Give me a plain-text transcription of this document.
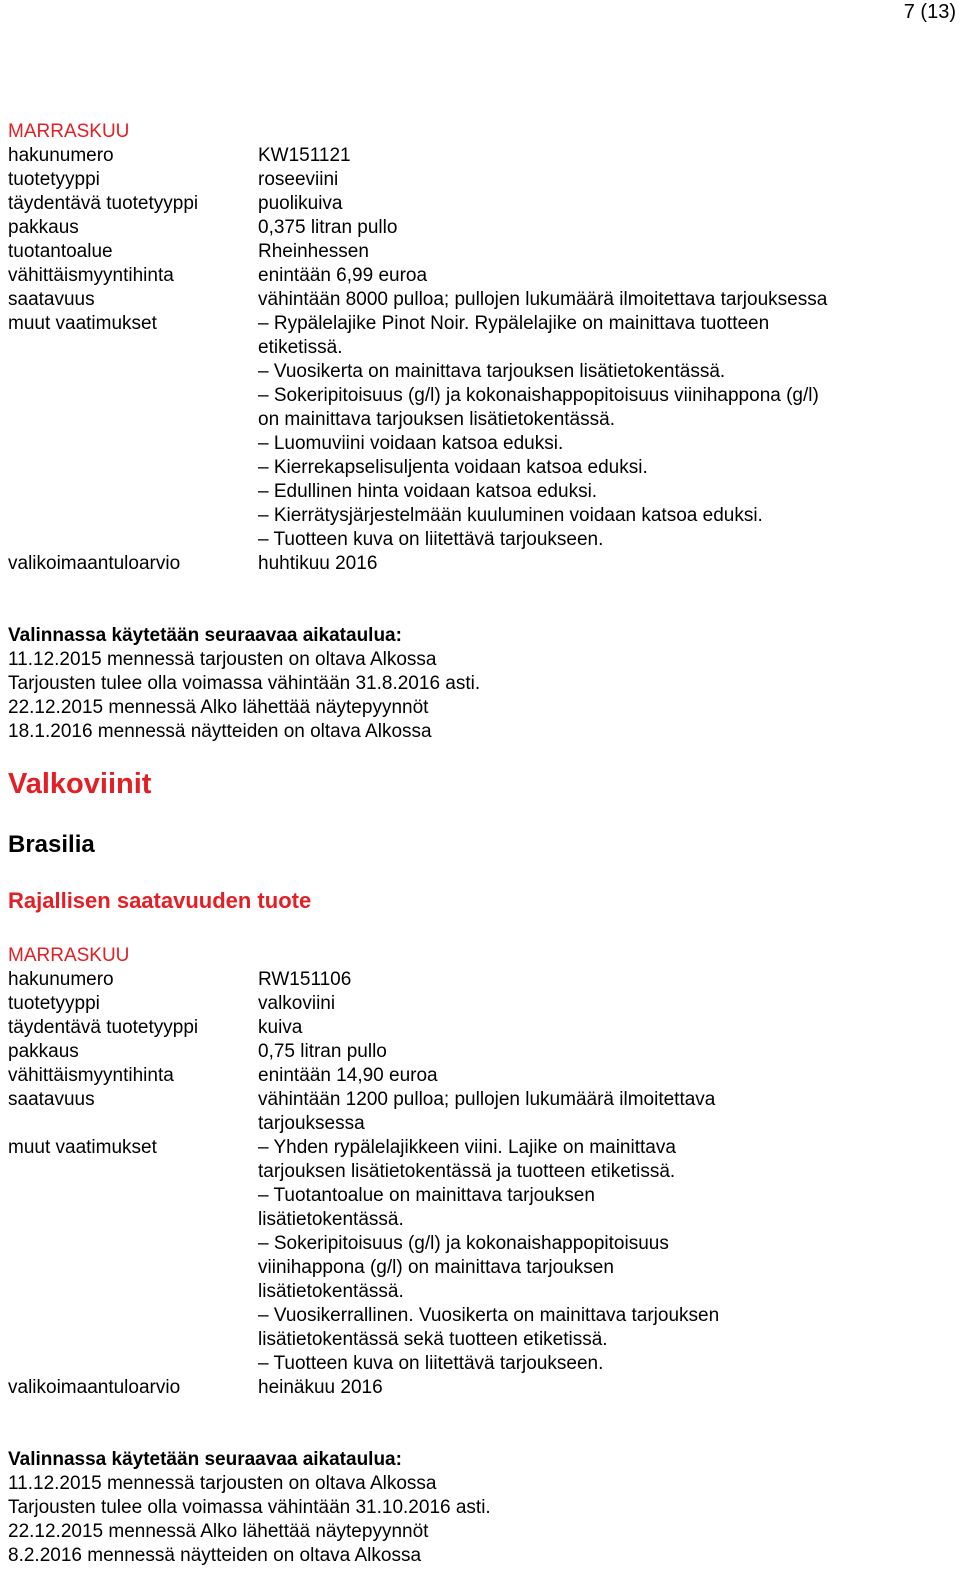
7 (13)
MARRASKUU
hakunumero	KW151121
tuotetyyppi	roseeviini
täydentävä tuotetyyppi	puolikuiva
pakkaus	0,375 litran pullo
tuotantoalue	Rheinhessen
vähittäismyyntihinta	enintään 6,99 euroa
saatavuus	vähintään 8000 pulloa; pullojen lukumäärä ilmoitettava tarjouksessa
muut vaatimukset	– Rypälelajike Pinot Noir. Rypälelajike on mainittava tuotteen
etiketissä.
– Vuosikerta on mainittava tarjouksen lisätietokentässä.
– Sokeripitoisuus (g/l) ja kokonaishappopitoisuus viinihappona (g/l)
on mainittava tarjouksen lisätietokentässä.
– Luomuviini voidaan katsoa eduksi.
– Kierrekapselisuljenta voidaan katsoa eduksi.
– Edullinen hinta voidaan katsoa eduksi.
– Kierrätysjärjestelmään kuuluminen voidaan katsoa eduksi.
– Tuotteen kuva on liitettävä tarjoukseen.
valikoimaantuloarvio	huhtikuu 2016
Valinnassa käytetään seuraavaa aikataulua:
11.12.2015 mennessä tarjousten on oltava Alkossa
Tarjousten tulee olla voimassa vähintään 31.8.2016 asti.
22.12.2015 mennessä Alko lähettää näytepyynnöt
18.1.2016 mennessä näytteiden on oltava Alkossa
Valkoviinit
Brasilia
Rajallisen saatavuuden tuote
MARRASKUU
hakunumero	RW151106
tuotetyyppi	valkoviini
täydentävä tuotetyyppi	kuiva
pakkaus	0,75 litran pullo
vähittäismyyntihinta	enintään 14,90 euroa
saatavuus	vähintään 1200 pulloa; pullojen lukumäärä ilmoitettava
tarjouksessa
muut vaatimukset	– Yhden rypälelajikkeen viini. Lajike on mainittava
tarjouksen lisätietokentässä ja tuotteen etiketissä.
– Tuotantoalue on mainittava tarjouksen
lisätietokentässä.
– Sokeripitoisuus (g/l) ja kokonaishappopitoisuus
viinihappona (g/l) on mainittava tarjouksen
lisätietokentässä.
– Vuosikerrallinen. Vuosikerta on mainittava tarjouksen
lisätietokentässä sekä tuotteen etiketissä.
– Tuotteen kuva on liitettävä tarjoukseen.
valikoimaantuloarvio	heinäkuu 2016
Valinnassa käytetään seuraavaa aikataulua:
11.12.2015 mennessä tarjousten on oltava Alkossa
Tarjousten tulee olla voimassa vähintään 31.10.2016 asti.
22.12.2015 mennessä Alko lähettää näytepyynnöt
8.2.2016 mennessä näytteiden on oltava Alkossa
